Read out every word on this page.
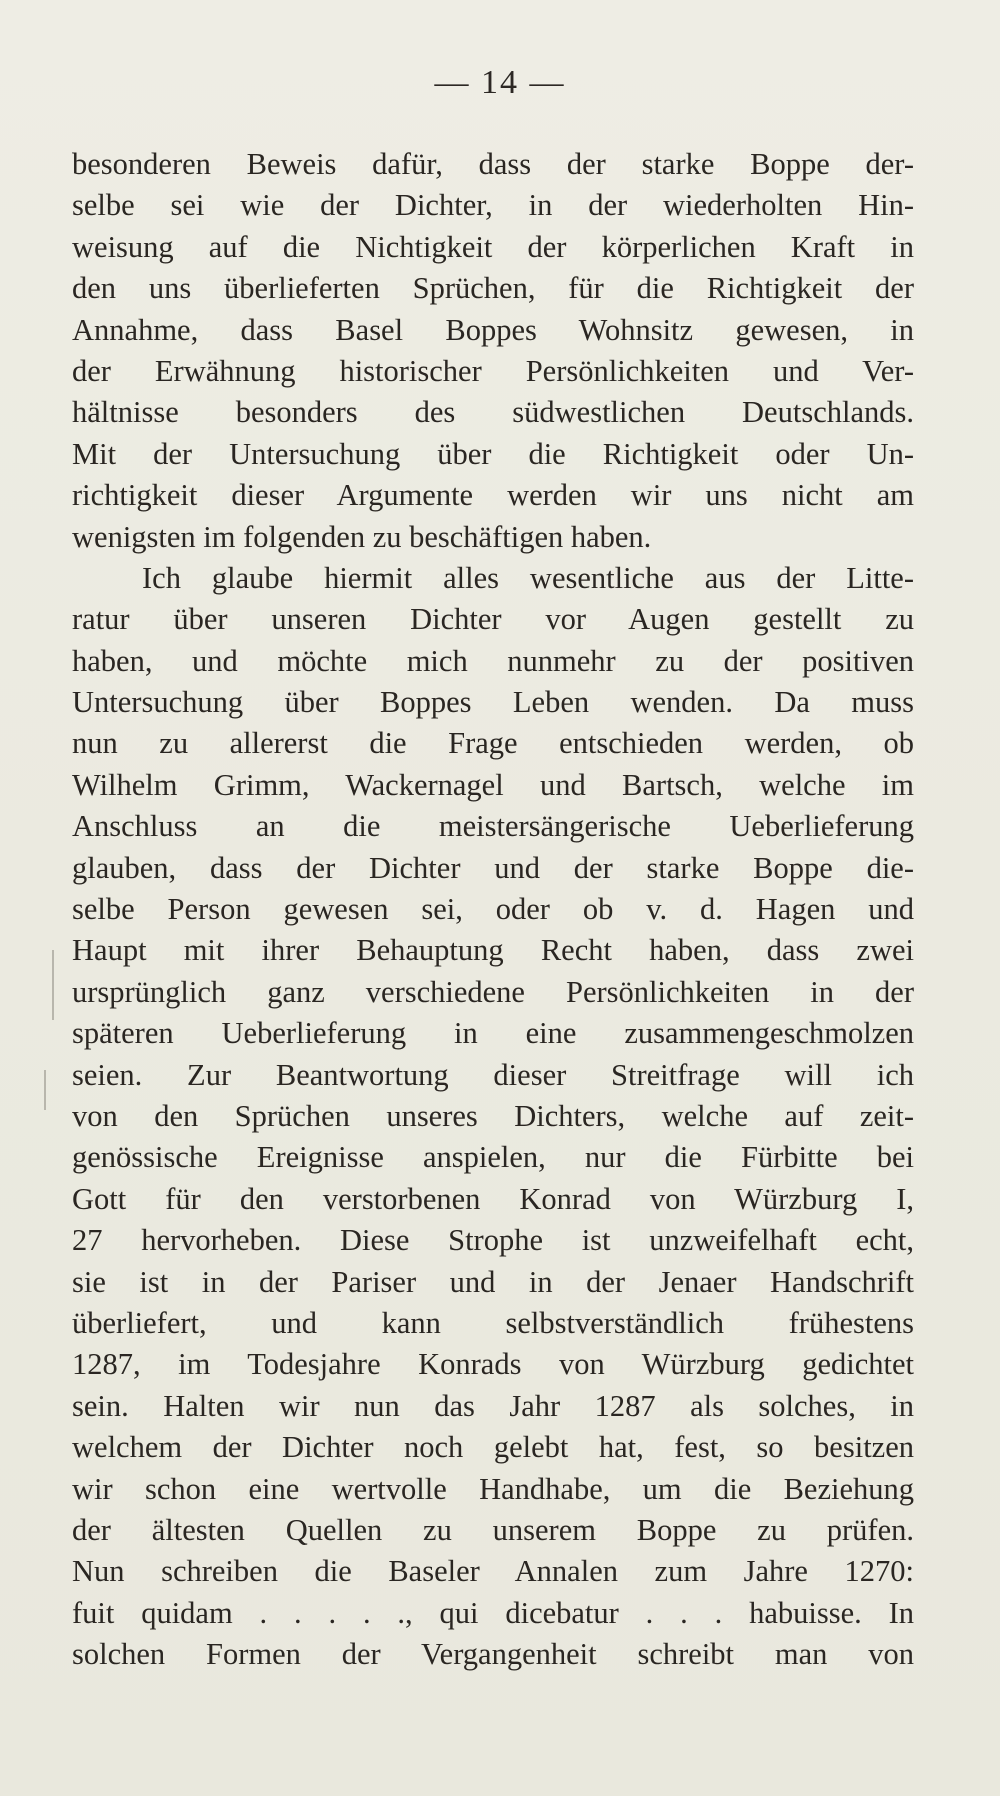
— 14 —
besonderen Beweis dafür, dass der starke Boppe der-
selbe sei wie der Dichter, in der wiederholten Hin-
weisung auf die Nichtigkeit der körperlichen Kraft in
den uns überlieferten Sprüchen, für die Richtigkeit der
Annahme, dass Basel Boppes Wohnsitz gewesen, in
der Erwähnung historischer Persönlichkeiten und Ver-
hältnisse besonders des südwestlichen Deutschlands.
Mit der Untersuchung über die Richtigkeit oder Un-
richtigkeit dieser Argumente werden wir uns nicht am
wenigsten im folgenden zu beschäftigen haben.
Ich glaube hiermit alles wesentliche aus der Litte-
ratur über unseren Dichter vor Augen gestellt zu
haben, und möchte mich nunmehr zu der positiven
Untersuchung über Boppes Leben wenden. Da muss
nun zu allererst die Frage entschieden werden, ob
Wilhelm Grimm, Wackernagel und Bartsch, welche im
Anschluss an die meistersängerische Ueberlieferung
glauben, dass der Dichter und der starke Boppe die-
selbe Person gewesen sei, oder ob v. d. Hagen und
Haupt mit ihrer Behauptung Recht haben, dass zwei
ursprünglich ganz verschiedene Persönlichkeiten in der
späteren Ueberlieferung in eine zusammengeschmolzen
seien. Zur Beantwortung dieser Streitfrage will ich
von den Sprüchen unseres Dichters, welche auf zeit-
genössische Ereignisse anspielen, nur die Fürbitte bei
Gott für den verstorbenen Konrad von Würzburg I,
27 hervorheben. Diese Strophe ist unzweifelhaft echt,
sie ist in der Pariser und in der Jenaer Handschrift
überliefert, und kann selbstverständlich frühestens
1287, im Todesjahre Konrads von Würzburg gedichtet
sein. Halten wir nun das Jahr 1287 als solches, in
welchem der Dichter noch gelebt hat, fest, so besitzen
wir schon eine wertvolle Handhabe, um die Beziehung
der ältesten Quellen zu unserem Boppe zu prüfen.
Nun schreiben die Baseler Annalen zum Jahre 1270:
fuit quidam . . . . ., qui dicebatur . . . habuisse. In
solchen Formen der Vergangenheit schreibt man von
